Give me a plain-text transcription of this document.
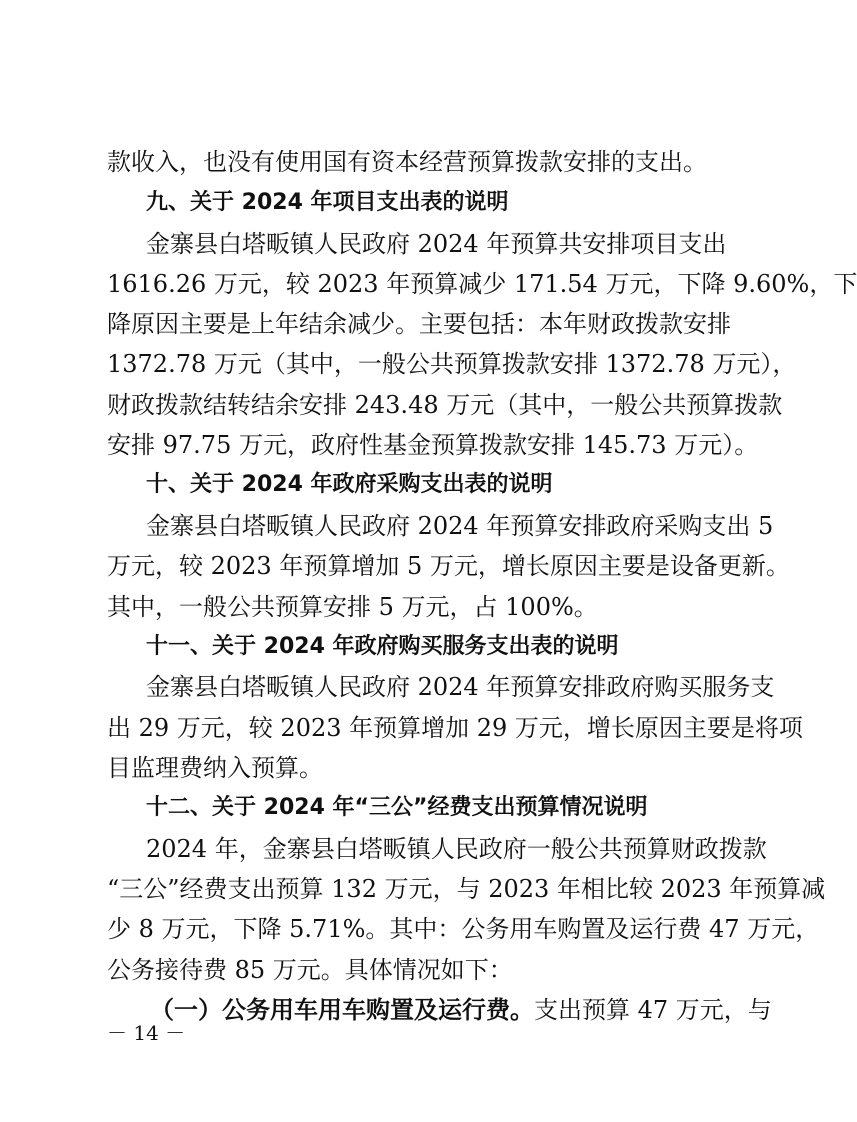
款收入，也没有使用国有资本经营预算拨款安排的支出。
九、关于 2024 年项目支出表的说明
金寨县白塔畈镇人民政府 2024 年预算共安排项目支出
1616.26 万元，较 2023 年预算减少 171.54 万元，下降 9.60%，下
降原因主要是上年结余减少。主要包括：本年财政拨款安排
1372.78 万元（其中，一般公共预算拨款安排 1372.78 万元），
财政拨款结转结余安排 243.48 万元（其中，一般公共预算拨款
安排 97.75 万元，政府性基金预算拨款安排 145.73 万元）。
十、关于 2024 年政府采购支出表的说明
金寨县白塔畈镇人民政府 2024 年预算安排政府采购支出 5
万元，较 2023 年预算增加 5 万元，增长原因主要是设备更新。
其中，一般公共预算安排 5 万元，占 100%。
十一、关于 2024 年政府购买服务支出表的说明
金寨县白塔畈镇人民政府 2024 年预算安排政府购买服务支
出 29 万元，较 2023 年预算增加 29 万元，增长原因主要是将项
目监理费纳入预算。
十二、关于 2024 年“三公”经费支出预算情况说明
2024 年，金寨县白塔畈镇人民政府一般公共预算财政拨款
“三公”经费支出预算 132 万元，与 2023 年相比较 2023 年预算减
少 8 万元，下降 5.71%。其中：公务用车购置及运行费 47 万元，
公务接待费 85 万元。具体情况如下：
（一）公务用车用车购置及运行费。支出预算 47 万元，与
－ 14 －
